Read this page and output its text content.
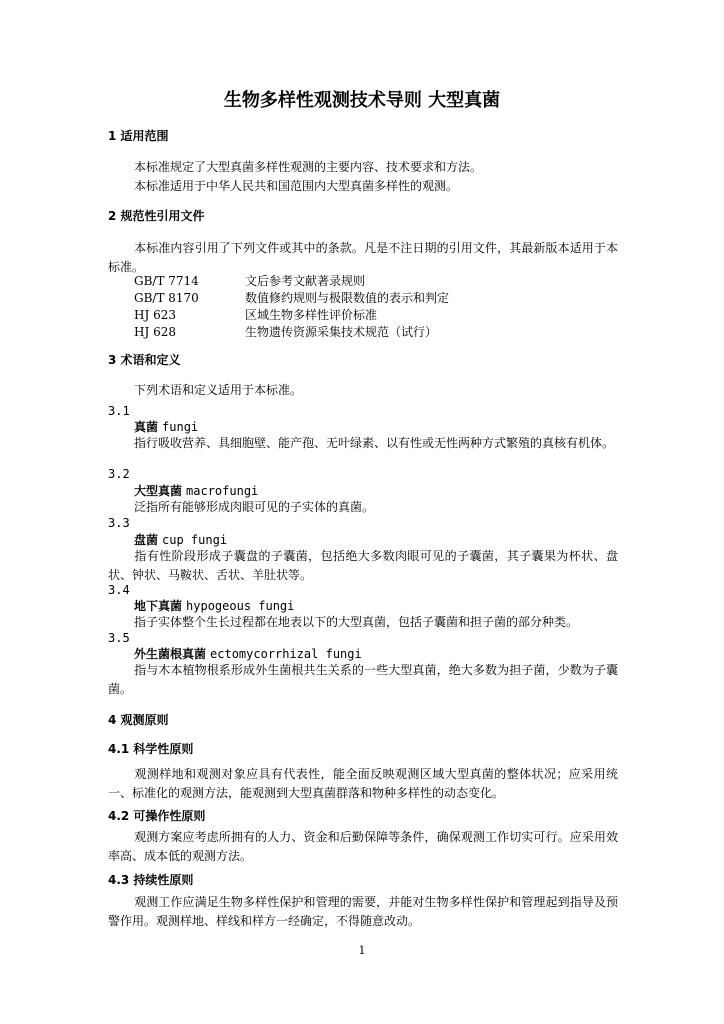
生物多样性观测技术导则 大型真菌
1 适用范围
本标准规定了大型真菌多样性观测的主要内容、技术要求和方法。
本标准适用于中华人民共和国范围内大型真菌多样性的观测。
2 规范性引用文件
本标准内容引用了下列文件或其中的条款。凡是不注日期的引用文件，其最新版本适用于本标准。
GB/T 7714	文后参考文献著录规则
GB/T 8170	数值修约规则与极限数值的表示和判定
HJ 623	区域生物多样性评价标准
HJ 628	生物遗传资源采集技术规范（试行）
3 术语和定义
下列术语和定义适用于本标准。
3.1
真菌 fungi
指行吸收营养、具细胞壁、能产孢、无叶绿素、以有性或无性两种方式繁殖的真核有机体。
3.2
大型真菌 macrofungi
泛指所有能够形成肉眼可见的子实体的真菌。
3.3
盘菌 cup fungi
指有性阶段形成子囊盘的子囊菌，包括绝大多数肉眼可见的子囊菌，其子囊果为杯状、盘状、钟状、马鞍状、舌状、羊肚状等。
3.4
地下真菌 hypogeous fungi
指子实体整个生长过程都在地表以下的大型真菌，包括子囊菌和担子菌的部分种类。
3.5
外生菌根真菌 ectomycorrhizal fungi
指与木本植物根系形成外生菌根共生关系的一些大型真菌，绝大多数为担子菌，少数为子囊菌。
4 观测原则
4.1 科学性原则
观测样地和观测对象应具有代表性，能全面反映观测区域大型真菌的整体状况；应采用统一、标准化的观测方法，能观测到大型真菌群落和物种多样性的动态变化。
4.2 可操作性原则
观测方案应考虑所拥有的人力、资金和后勤保障等条件，确保观测工作切实可行。应采用效率高、成本低的观测方法。
4.3 持续性原则
观测工作应满足生物多样性保护和管理的需要，并能对生物多样性保护和管理起到指导及预警作用。观测样地、样线和样方一经确定，不得随意改动。
1
